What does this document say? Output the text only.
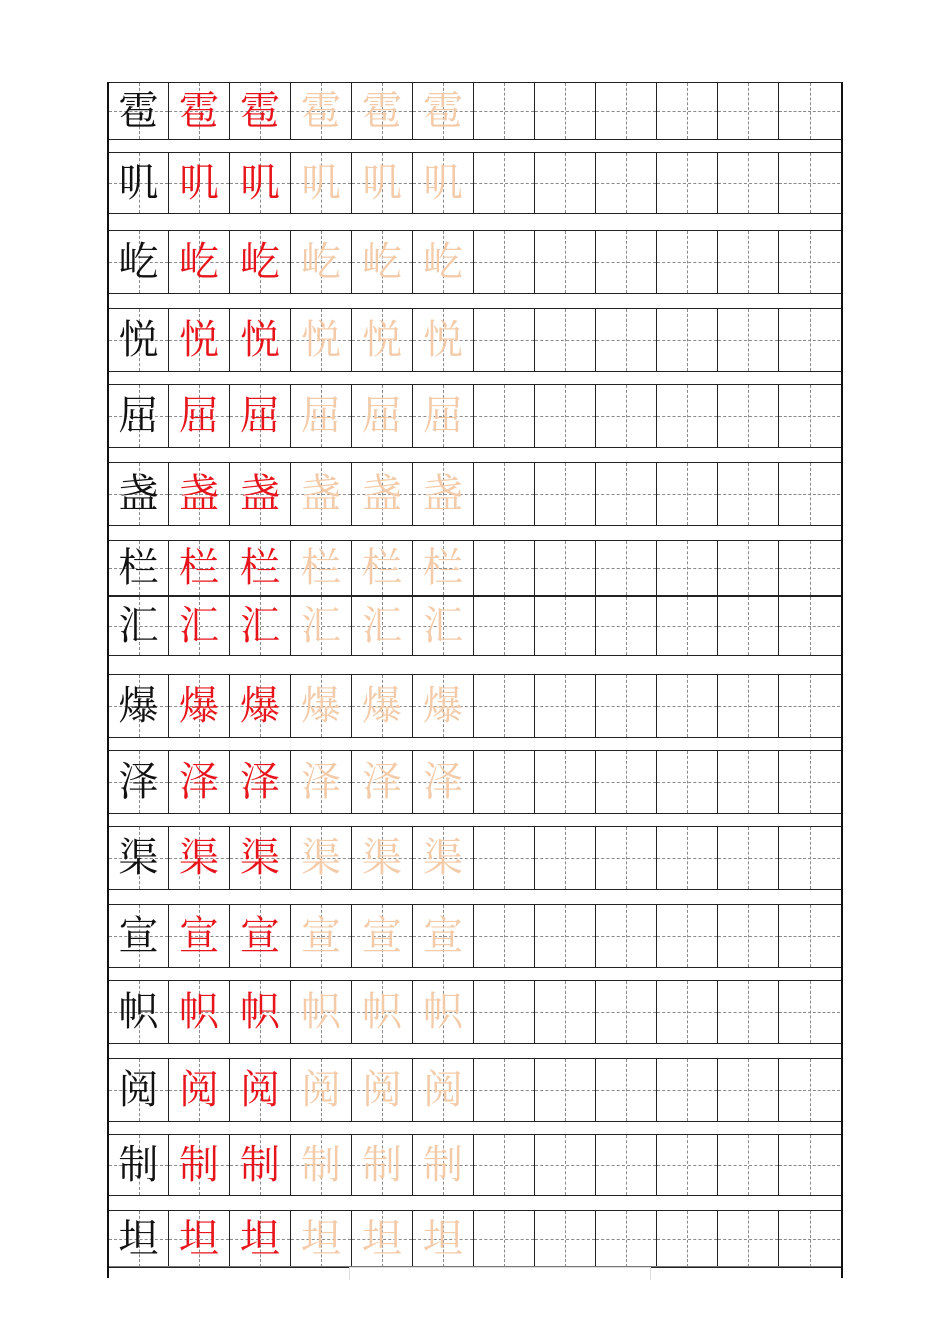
雹 雹 雹 雹 雹 雹
叽 叽 叽 叽 叽 叽
屹 屹 屹 屹 屹 屹
悦 悦 悦 悦 悦 悦
屈 屈 屈 屈 屈 屈
盏 盏 盏 盏 盏 盏
栏 栏 栏 栏 栏 栏
汇 汇 汇 汇 汇 汇
爆 爆 爆 爆 爆 爆
泽 泽 泽 泽 泽 泽
渠 渠 渠 渠 渠 渠
宣 宣 宣 宣 宣 宣
帜 帜 帜 帜 帜 帜
阅 阅 阅 阅 阅 阅
制 制 制 制 制 制
坦 坦 坦 坦 坦 坦
